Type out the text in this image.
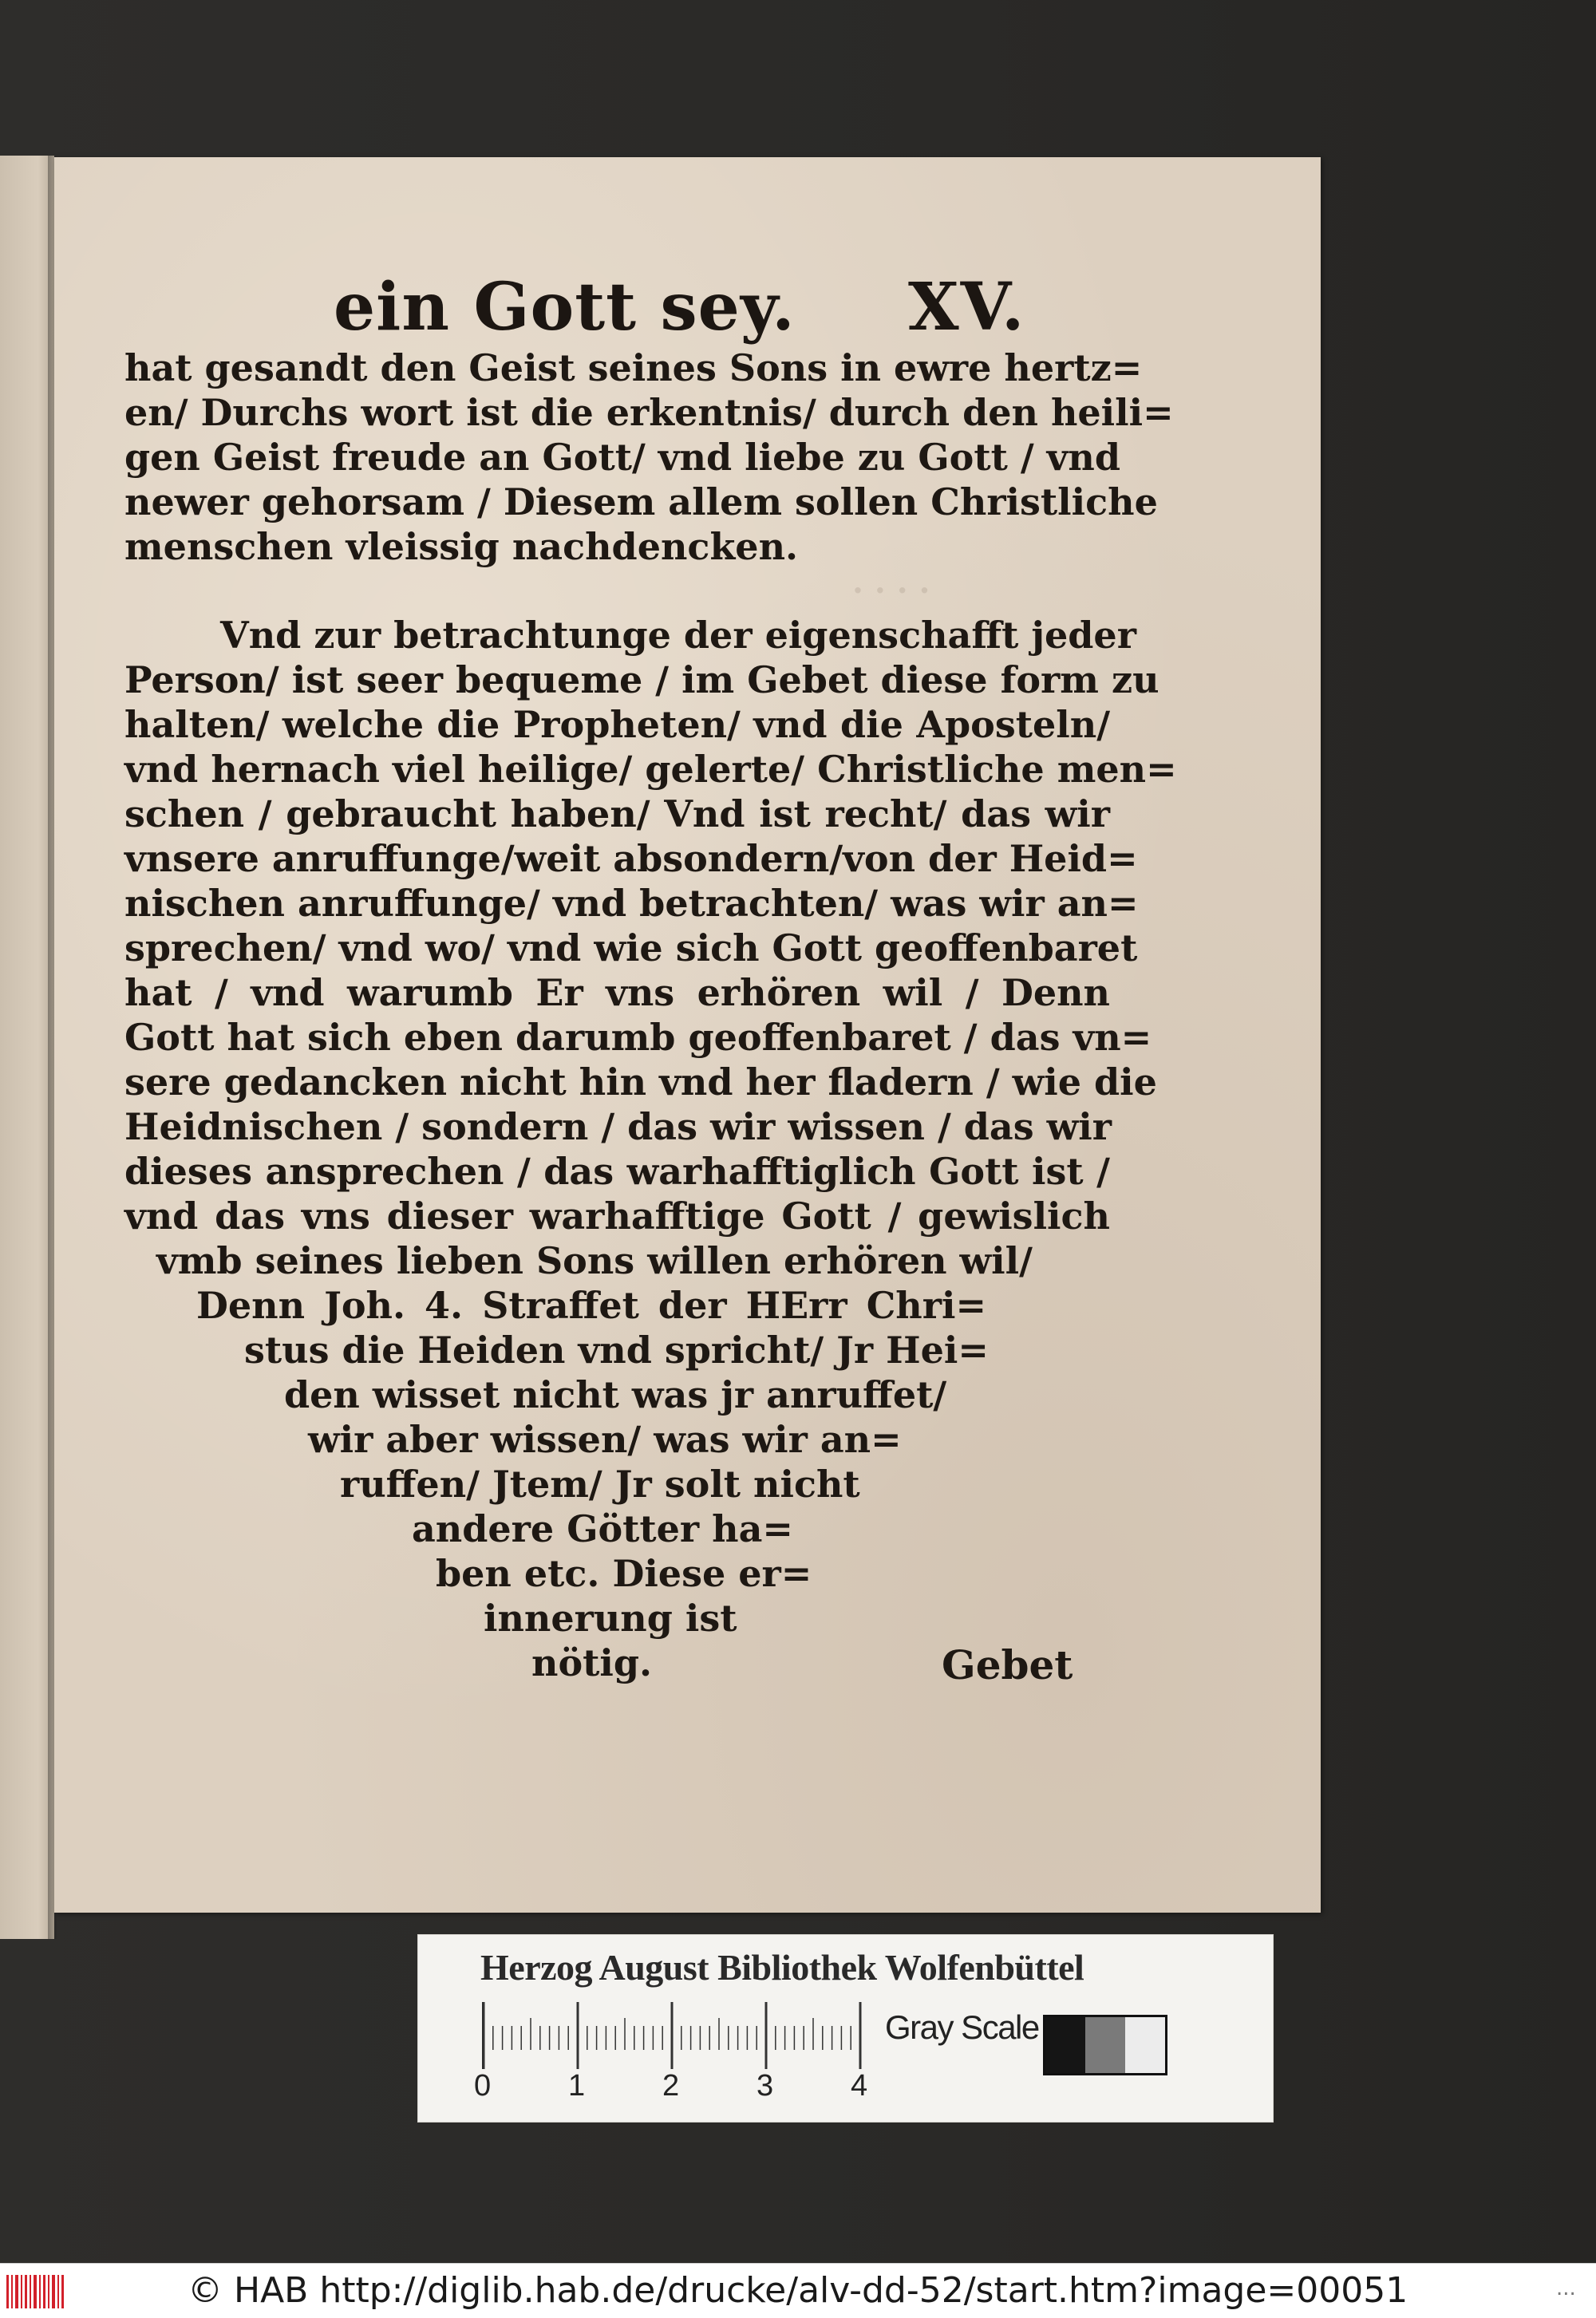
· · · ·
ein Gott sey. XV.
hat gesandt den Geist seines Sons in ewre hertz=
en/ Durchs wort ist die erkentnis/ durch den heili=
gen Geist freude an Gott/ vnd liebe zu Gott / vnd
newer gehorsam / Diesem allem sollen Christliche
menschen vleissig nachdencken.
Vnd zur betrachtunge der eigenschafft jeder
Person/ ist seer bequeme / im Gebet diese form zu
halten/ welche die Propheten/ vnd die Aposteln/
vnd hernach viel heilige/ gelerte/ Christliche men=
schen / gebraucht haben/ Vnd ist recht/ das wir
vnsere anruffunge/weit absondern/von der Heid=
nischen anruffunge/ vnd betrachten/ was wir an=
sprechen/ vnd wo/ vnd wie sich Gott geoffenbaret
hat / vnd warumb Er vns erhören wil / Denn
Gott hat sich eben darumb geoffenbaret / das vn=
sere gedancken nicht hin vnd her fladern / wie die
Heidnischen / sondern / das wir wissen / das wir
dieses ansprechen / das warhafftiglich Gott ist /
vnd das vns dieser warhafftige Gott / gewislich
vmb seines lieben Sons willen erhören wil/
Denn Joh. 4. Straffet der HErr Chri=
stus die Heiden vnd spricht/ Jr Hei=
den wisset nicht was jr anruffet/
wir aber wissen/ was wir an=
ruffen/ Jtem/ Jr solt nicht
andere Götter ha=
ben etc. Diese er=
innerung ist
nötig.	Gebet
Herzog August Bibliothek Wolfenbüttel
0	1	2	3	4
Gray Scale
© HAB http://diglib.hab.de/drucke/alv-dd-52/start.htm?image=00051	...
